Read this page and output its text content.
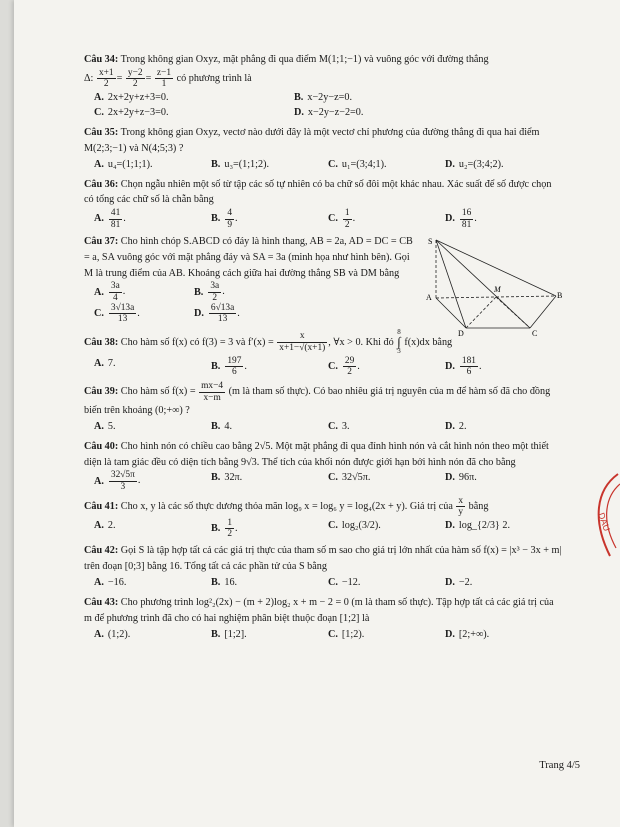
Câu 34: Trong không gian Oxyz, mặt phẳng đi qua điểm M(1;1;−1) và vuông góc với đường thẳng
Δ: $\frac{x+1}{2} = \frac{y-2}{2} = \frac{z-1}{1}$ có phương trình là
A. 2x+2y+z+3=0.	B. x−2y−z=0.
C. 2x+2y+z−3=0.	D. x−2y−z−2=0.
Câu 35: Trong không gian Oxyz, vectơ nào dưới đây là một vectơ chỉ phương của đường thẳng đi qua hai điểm M(2;3;−1) và N(4;5;3) ?
A. u₄=(1;1;1).	B. u₃=(1;1;2).	C. u₁=(3;4;1).	D. u₂=(3;4;2).
Câu 36: Chọn ngẫu nhiên một số từ tập các số tự nhiên có ba chữ số đôi một khác nhau. Xác suất để số được chọn có tổng các chữ số là chẵn bằng
A. $\frac{41}{81}$ .	B. $\frac{4}{9}$ .	C. $\frac{1}{2}$ .	D. $\frac{16}{81}$ .
Câu 37: Cho hình chóp S.ABCD có đáy là hình thang, AB = 2a, AD = DC = CB = a, SA vuông góc với mặt phẳng đáy và SA = 3a (minh họa như hình bên). Gọi M là trung điểm của AB. Khoảng cách giữa hai đường thẳng SB và DM bằng
A. $\frac{3a}{4}$ .	B. $\frac{3a}{2}$ .
C. $\frac{3√13a}{13}$ .	D. $\frac{6√13a}{13}$ .
S
A	B
C
D
M
Câu 38: Cho hàm số f(x) có f(3) = 3 và $f'(x) = \frac{x}{x+1-√(x+1)}$ , ∀x > 0. Khi đó
8
∫
3
f(x)dx bằng
A. 7.	B. $\frac{197}{6}$ .	C. $\frac{29}{2}$ .	D. $\frac{181}{6}$ .
Câu 39: Cho hàm số $f(x) = \frac{mx-4}{x-m} (m$ là tham số thực). Có bao nhiêu giá trị nguyên của m để hàm số đã cho đồng biến trên khoảng (0;+∞) ?
A. 5.	B. 4.	C. 3.	D. 2.
Câu 40: Cho hình nón có chiều cao bằng 2√5. Một mặt phẳng đi qua đỉnh hình nón và cắt hình nón theo một thiết diện là tam giác đều có diện tích bằng 9√3. Thể tích của khối nón được giới hạn bởi hình nón đã cho bằng
A. $\frac{32√5\pi}{3}$ .	B. 32π.	C. 32√5π.	D. 96π.
Câu 41: Cho x, y là các số thực dương thỏa mãn log₉ x = log₆ y = log₄(2x + y). Giá trị của $\frac{x}{y}$ bằng
A. 2.	B. $\frac{1}{2}$ .	C. log₂(3/2).	D. log_{2/3} 2.
Câu 42: Gọi S là tập hợp tất cả các giá trị thực của tham số m sao cho giá trị lớn nhất của hàm số f(x) = |x³ − 3x + m| trên đoạn [0;3] bằng 16. Tổng tất cả các phần tử của S bằng
A. −16.	B. 16.	C. −12.	D. −2.
Câu 43: Cho phương trình log²₂(2x) − (m + 2)log₂ x + m − 2 = 0 (m là tham số thực). Tập hợp tất cả các giá trị của m để phương trình đã cho có hai nghiệm phân biệt thuộc đoạn [1;2] là
A. (1;2).	B. [1;2].	C. [1;2).	D. [2;+∞).
DAU
Trang 4/5
